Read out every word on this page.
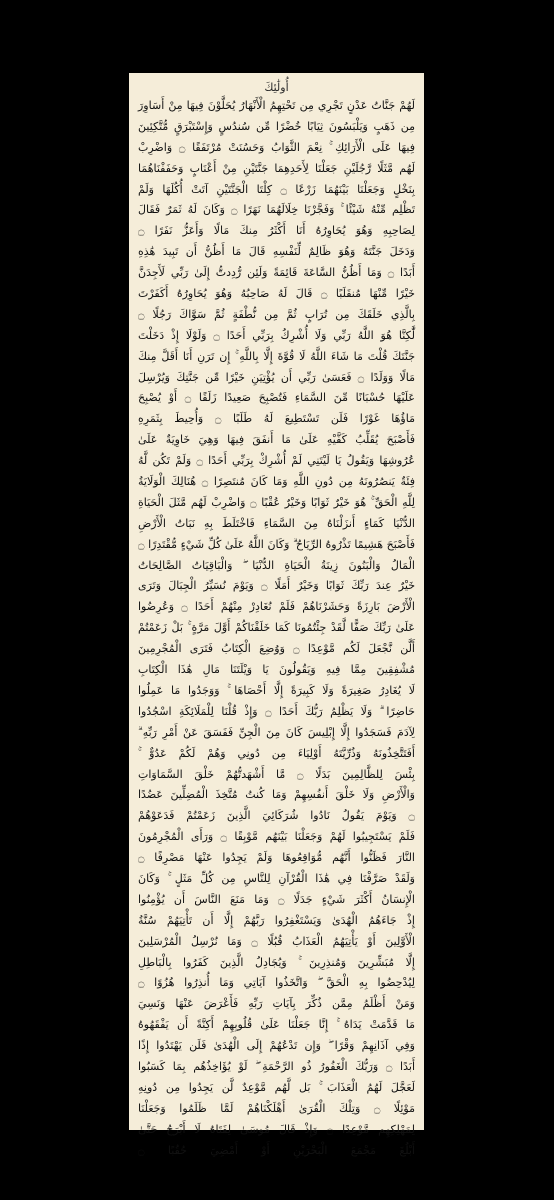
أُولَٰئِكَ
لَهُمْ جَنَّاتُ عَدْنٍ تَجْرِي مِن تَحْتِهِمُ الْأَنْهَارُ يُحَلَّوْنَ فِيهَا مِنْ أَسَاوِرَ
مِن ذَهَبٍ وَيَلْبَسُونَ ثِيَابًا خُضْرًا مِّن سُندُسٍ وَإِسْتَبْرَقٍ مُّتَّكِئِينَ
فِيهَا عَلَى الْأَرَائِكِ ۚ نِعْمَ الثَّوَابُ وَحَسُنَتْ مُرْتَفَقًا ۝ وَاضْرِبْ
لَهُم مَّثَلًا رَّجُلَيْنِ جَعَلْنَا لِأَحَدِهِمَا جَنَّتَيْنِ مِنْ أَعْنَابٍ وَحَفَفْنَاهُمَا
بِنَخْلٍ وَجَعَلْنَا بَيْنَهُمَا زَرْعًا ۝ كِلْتَا الْجَنَّتَيْنِ آتَتْ أُكُلَهَا وَلَمْ
تَظْلِم مِّنْهُ شَيْئًا ۚ وَفَجَّرْنَا خِلَالَهُمَا نَهَرًا ۝ وَكَانَ لَهُ ثَمَرٌ فَقَالَ
لِصَاحِبِهِ وَهُوَ يُحَاوِرُهُ أَنَا أَكْثَرُ مِنكَ مَالًا وَأَعَزُّ نَفَرًا ۝
وَدَخَلَ جَنَّتَهُ وَهُوَ ظَالِمٌ لِّنَفْسِهِ قَالَ مَا أَظُنُّ أَن تَبِيدَ هَٰذِهِ
أَبَدًا ۝ وَمَا أَظُنُّ السَّاعَةَ قَائِمَةً وَلَئِن رُّدِدتُّ إِلَىٰ رَبِّي لَأَجِدَنَّ
خَيْرًا مِّنْهَا مُنقَلَبًا ۝ قَالَ لَهُ صَاحِبُهُ وَهُوَ يُحَاوِرُهُ أَكَفَرْتَ
بِالَّذِي خَلَقَكَ مِن تُرَابٍ ثُمَّ مِن نُّطْفَةٍ ثُمَّ سَوَّاكَ رَجُلًا ۝
لَّٰكِنَّا هُوَ اللَّهُ رَبِّي وَلَا أُشْرِكُ بِرَبِّي أَحَدًا ۝ وَلَوْلَا إِذْ دَخَلْتَ
جَنَّتَكَ قُلْتَ مَا شَاءَ اللَّهُ لَا قُوَّةَ إِلَّا بِاللَّهِ ۚ إِن تَرَنِ أَنَا أَقَلَّ مِنكَ
مَالًا وَوَلَدًا ۝ فَعَسَىٰ رَبِّي أَن يُؤْتِيَنِ خَيْرًا مِّن جَنَّتِكَ وَيُرْسِلَ
عَلَيْهَا حُسْبَانًا مِّنَ السَّمَاءِ فَتُصْبِحَ صَعِيدًا زَلَقًا ۝ أَوْ يُصْبِحَ
مَاؤُهَا غَوْرًا فَلَن تَسْتَطِيعَ لَهُ طَلَبًا ۝ وَأُحِيطَ بِثَمَرِهِ
فَأَصْبَحَ يُقَلِّبُ كَفَّيْهِ عَلَىٰ مَا أَنفَقَ فِيهَا وَهِيَ خَاوِيَةٌ عَلَىٰ
عُرُوشِهَا وَيَقُولُ يَا لَيْتَنِي لَمْ أُشْرِكْ بِرَبِّي أَحَدًا ۝ وَلَمْ تَكُن لَّهُ
فِئَةٌ يَنصُرُونَهُ مِن دُونِ اللَّهِ وَمَا كَانَ مُنتَصِرًا ۝ هُنَالِكَ الْوَلَايَةُ
لِلَّهِ الْحَقِّ ۚ هُوَ خَيْرٌ ثَوَابًا وَخَيْرٌ عُقْبًا ۝ وَاضْرِبْ لَهُم مَّثَلَ الْحَيَاةِ
الدُّنْيَا كَمَاءٍ أَنزَلْنَاهُ مِنَ السَّمَاءِ فَاخْتَلَطَ بِهِ نَبَاتُ الْأَرْضِ
فَأَصْبَحَ هَشِيمًا تَذْرُوهُ الرِّيَاحُ ۗ وَكَانَ اللَّهُ عَلَىٰ كُلِّ شَيْءٍ مُّقْتَدِرًا ۝
الْمَالُ وَالْبَنُونَ زِينَةُ الْحَيَاةِ الدُّنْيَا ۖ وَالْبَاقِيَاتُ الصَّالِحَاتُ
خَيْرٌ عِندَ رَبِّكَ ثَوَابًا وَخَيْرٌ أَمَلًا ۝ وَيَوْمَ نُسَيِّرُ الْجِبَالَ وَتَرَى
الْأَرْضَ بَارِزَةً وَحَشَرْنَاهُمْ فَلَمْ نُغَادِرْ مِنْهُمْ أَحَدًا ۝ وَعُرِضُوا
عَلَىٰ رَبِّكَ صَفًّا لَّقَدْ جِئْتُمُونَا كَمَا خَلَقْنَاكُمْ أَوَّلَ مَرَّةٍ ۚ بَلْ زَعَمْتُمْ
أَلَّن نَّجْعَلَ لَكُم مَّوْعِدًا ۝ وَوُضِعَ الْكِتَابُ فَتَرَى الْمُجْرِمِينَ
مُشْفِقِينَ مِمَّا فِيهِ وَيَقُولُونَ يَا وَيْلَتَنَا مَالِ هَٰذَا الْكِتَابِ
لَا يُغَادِرُ صَغِيرَةً وَلَا كَبِيرَةً إِلَّا أَحْصَاهَا ۚ وَوَجَدُوا مَا عَمِلُوا
حَاضِرًا ۗ وَلَا يَظْلِمُ رَبُّكَ أَحَدًا ۝ وَإِذْ قُلْنَا لِلْمَلَائِكَةِ اسْجُدُوا
لِآدَمَ فَسَجَدُوا إِلَّا إِبْلِيسَ كَانَ مِنَ الْجِنِّ فَفَسَقَ عَنْ أَمْرِ رَبِّهِ ۗ
أَفَتَتَّخِذُونَهُ وَذُرِّيَّتَهُ أَوْلِيَاءَ مِن دُونِي وَهُمْ لَكُمْ عَدُوٌّ ۚ
بِئْسَ لِلظَّالِمِينَ بَدَلًا ۝ مَّا أَشْهَدتُّهُمْ خَلْقَ السَّمَاوَاتِ
وَالْأَرْضِ وَلَا خَلْقَ أَنفُسِهِمْ وَمَا كُنتُ مُتَّخِذَ الْمُضِلِّينَ عَضُدًا
۝ وَيَوْمَ يَقُولُ نَادُوا شُرَكَائِيَ الَّذِينَ زَعَمْتُمْ فَدَعَوْهُمْ
فَلَمْ يَسْتَجِيبُوا لَهُمْ وَجَعَلْنَا بَيْنَهُم مَّوْبِقًا ۝ وَرَأَى الْمُجْرِمُونَ
النَّارَ فَظَنُّوا أَنَّهُم مُّوَاقِعُوهَا وَلَمْ يَجِدُوا عَنْهَا مَصْرِفًا ۝
وَلَقَدْ صَرَّفْنَا فِي هَٰذَا الْقُرْآنِ لِلنَّاسِ مِن كُلِّ مَثَلٍ ۚ وَكَانَ
الْإِنسَانُ أَكْثَرَ شَيْءٍ جَدَلًا ۝ وَمَا مَنَعَ النَّاسَ أَن يُؤْمِنُوا
إِذْ جَاءَهُمُ الْهُدَىٰ وَيَسْتَغْفِرُوا رَبَّهُمْ إِلَّا أَن تَأْتِيَهُمْ سُنَّةُ
الْأَوَّلِينَ أَوْ يَأْتِيَهُمُ الْعَذَابُ قُبُلًا ۝ وَمَا نُرْسِلُ الْمُرْسَلِينَ
إِلَّا مُبَشِّرِينَ وَمُنذِرِينَ ۚ وَيُجَادِلُ الَّذِينَ كَفَرُوا بِالْبَاطِلِ
لِيُدْحِضُوا بِهِ الْحَقَّ ۖ وَاتَّخَذُوا آيَاتِي وَمَا أُنذِرُوا هُزُوًا ۝
وَمَنْ أَظْلَمُ مِمَّن ذُكِّرَ بِآيَاتِ رَبِّهِ فَأَعْرَضَ عَنْهَا وَنَسِيَ
مَا قَدَّمَتْ يَدَاهُ ۚ إِنَّا جَعَلْنَا عَلَىٰ قُلُوبِهِمْ أَكِنَّةً أَن يَفْقَهُوهُ
وَفِي آذَانِهِمْ وَقْرًا ۖ وَإِن تَدْعُهُمْ إِلَى الْهُدَىٰ فَلَن يَهْتَدُوا إِذًا
أَبَدًا ۝ وَرَبُّكَ الْغَفُورُ ذُو الرَّحْمَةِ ۖ لَوْ يُؤَاخِذُهُم بِمَا كَسَبُوا
لَعَجَّلَ لَهُمُ الْعَذَابَ ۚ بَل لَّهُم مَّوْعِدٌ لَّن يَجِدُوا مِن دُونِهِ
مَوْئِلًا ۝ وَتِلْكَ الْقُرَىٰ أَهْلَكْنَاهُمْ لَمَّا ظَلَمُوا وَجَعَلْنَا
لِمَهْلِكِهِم مَّوْعِدًا ۝ وَإِذْ قَالَ مُوسَىٰ لِفَتَاهُ لَا أَبْرَحُ حَتَّىٰ
أَبْلُغَ مَجْمَعَ الْبَحْرَيْنِ أَوْ أَمْضِيَ حُقُبًا ۝
